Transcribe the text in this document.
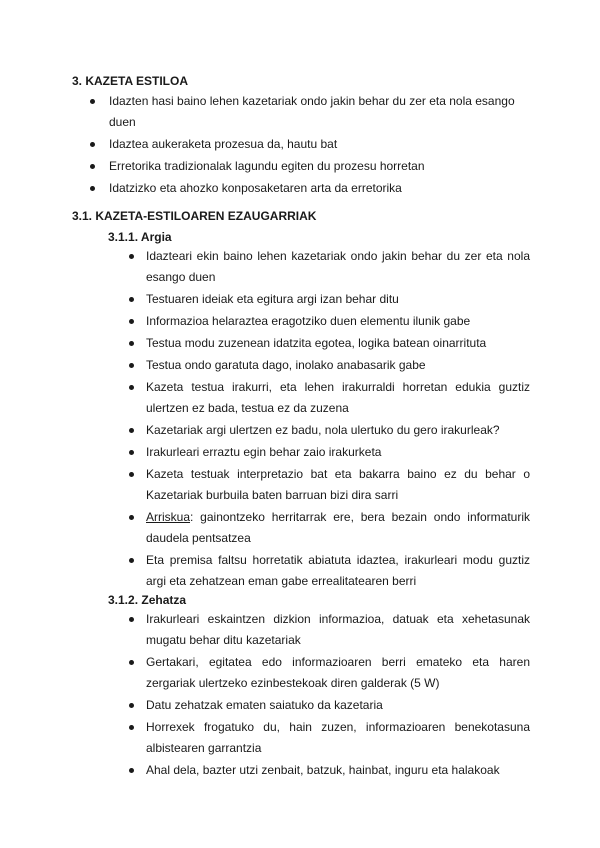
3. KAZETA ESTILOA
Idazten hasi baino lehen kazetariak ondo jakin behar du zer eta nola esango duen
Idaztea aukeraketa prozesua da, hautu bat
Erretorika tradizionalak lagundu egiten du prozesu horretan
Idatzizko eta ahozko konposaketaren arta da erretorika
3.1. KAZETA-ESTILOAREN EZAUGARRIAK
3.1.1. Argia
Idazteari ekin baino lehen kazetariak ondo jakin behar du zer eta nola esango duen
Testuaren ideiak eta egitura argi izan behar ditu
Informazioa helaraztea eragotziko duen elementu ilunik gabe
Testua modu zuzenean idatzita egotea, logika batean oinarrituta
Testua ondo garatuta dago, inolako anabasarik gabe
Kazeta testua irakurri, eta lehen irakurraldi horretan edukia guztiz ulertzen ez bada, testua ez da zuzena
Kazetariak argi ulertzen ez badu, nola ulertuko du gero irakurleak?
Irakurleari erraztu egin behar zaio irakurketa
Kazeta testuak interpretazio bat eta bakarra baino ez du behar o Kazetariak burbuila baten barruan bizi dira sarri
Arriskua: gainontzeko herritarrak ere, bera bezain ondo informaturik daudela pentsatzea
Eta premisa faltsu horretatik abiatuta idaztea, irakurleari modu guztiz argi eta zehatzean eman gabe errealitatearen berri
3.1.2. Zehatza
Irakurleari eskaintzen dizkion informazioa, datuak eta xehetasunak mugatu behar ditu kazetariak
Gertakari, egitatea edo informazioaren berri emateko eta haren zergariak ulertzeko ezinbestekoak diren galderak (5 W)
Datu zehatzak ematen saiatuko da kazetaria
Horrexek frogatuko du, hain zuzen, informazioaren benekotasuna albistearen garrantzia
Ahal dela, bazter utzi zenbait, batzuk, hainbat, inguru eta halakoak
